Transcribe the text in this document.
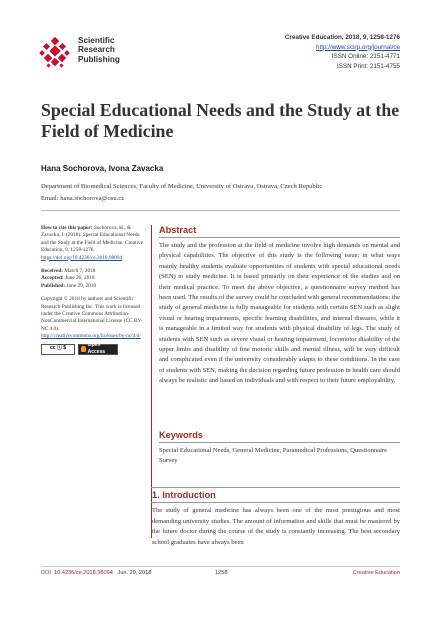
Scientific
Research
Publishing
Creative Education, 2018, 9, 1258-1276
http://www.scirp.org/journal/ce
ISSN Online: 2151-4771
ISSN Print: 2151-4755
Special Educational Needs and the Study at the Field of Medicine
Hana Sochorova, Ivona Zavacka
Department of Biomedical Sciences, Faculty of Medicine, University of Ostrava, Ostrava, Czech Republic
Email: hana.sochorova@osu.cz
How to cite this paper: Sochorova, H., & Zavacka, I. (2018). Special Educational Needs and the Study at the Field of Medicine. Creative Education, 9, 1258-1276. https://doi.org/10.4236/ce.2018.98094
Received: March 7, 2018
Accepted: June 26, 2018
Published: June 29, 2018
Copyright © 2018 by authors and Scientific Research Publishing Inc. This work is licensed under the Creative Commons Attribution-NonCommercial International License (CC BY-NC 4.0).
http://creativecommons.org/licenses/by-nc/4.0/
cc ⓘ $
Open Access
Abstract
The study and the profession at the field of medicine involve high demands on mental and physical capabilities. The objective of this study is the following issue: in what ways mainly healthy students evaluate opportunities of students with special educational needs (SEN) to study medicine. It is based primarily on their experience of the studies and on their medical practice. To meet the above objective, a questionnaire survey method has been used. The results of the survey could be concluded with general recommendations: the study of general medicine is fully manageable for students with certain SEN such as slight visual or hearing impairments, specific learning disabilities, and internal diseases, while it is manageable in a limited way for students with physical disability of legs. The study of students with SEN such as severe visual or hearing impairment, locomotor disability of the upper limbs and disability of fine motoric skills and mental illness, will be very difficult and complicated even if the university considerably adapts to these conditions. In the case of students with SEN, making the decision regarding future profession in health care should always be realistic and based on individuals and with respect to their future employability.
Keywords
Special Educational Needs, General Medicine, Paramedical Professions, Questionnaire Survey
1. Introduction
The study of general medicine has always been one of the most prestigious and most demanding university studies. The amount of information and skills that must be mastered by the future doctor during the course of the study is constantly increasing. The best secondary school graduates have always been
DOI: 10.4236/ce.2018.98094 Jun. 29, 2018	1258	Creative Education
